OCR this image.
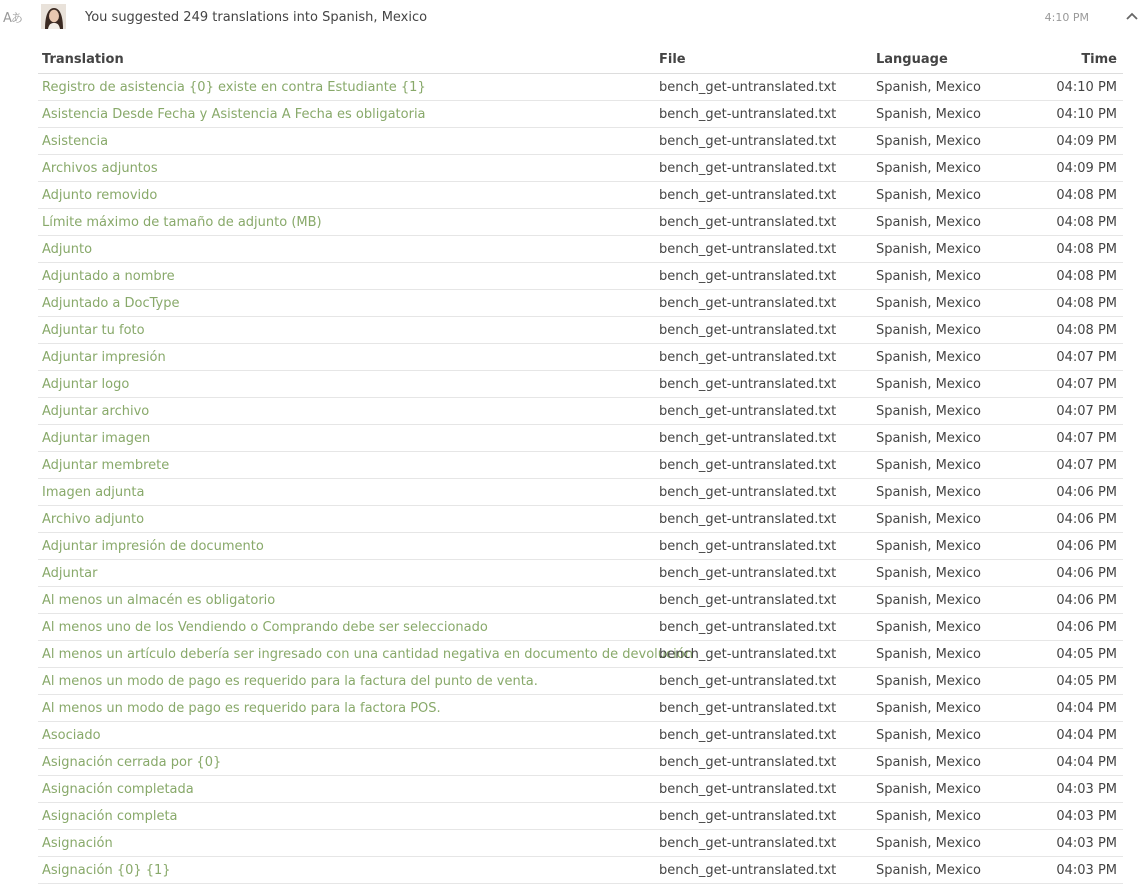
Aあ	You suggested 249 translations into Spanish, Mexico	4:10 PM
Translation	File	Language	Time
Registro de asistencia {0} existe en contra Estudiante {1}	bench_get-untranslated.txt	Spanish, Mexico	04:10 PM
Asistencia Desde Fecha y Asistencia A Fecha es obligatoria	bench_get-untranslated.txt	Spanish, Mexico	04:10 PM
Asistencia	bench_get-untranslated.txt	Spanish, Mexico	04:09 PM
Archivos adjuntos	bench_get-untranslated.txt	Spanish, Mexico	04:09 PM
Adjunto removido	bench_get-untranslated.txt	Spanish, Mexico	04:08 PM
Límite máximo de tamaño de adjunto (MB)	bench_get-untranslated.txt	Spanish, Mexico	04:08 PM
Adjunto	bench_get-untranslated.txt	Spanish, Mexico	04:08 PM
Adjuntado a nombre	bench_get-untranslated.txt	Spanish, Mexico	04:08 PM
Adjuntado a DocType	bench_get-untranslated.txt	Spanish, Mexico	04:08 PM
Adjuntar tu foto	bench_get-untranslated.txt	Spanish, Mexico	04:08 PM
Adjuntar impresión	bench_get-untranslated.txt	Spanish, Mexico	04:07 PM
Adjuntar logo	bench_get-untranslated.txt	Spanish, Mexico	04:07 PM
Adjuntar archivo	bench_get-untranslated.txt	Spanish, Mexico	04:07 PM
Adjuntar imagen	bench_get-untranslated.txt	Spanish, Mexico	04:07 PM
Adjuntar membrete	bench_get-untranslated.txt	Spanish, Mexico	04:07 PM
Imagen adjunta	bench_get-untranslated.txt	Spanish, Mexico	04:06 PM
Archivo adjunto	bench_get-untranslated.txt	Spanish, Mexico	04:06 PM
Adjuntar impresión de documento	bench_get-untranslated.txt	Spanish, Mexico	04:06 PM
Adjuntar	bench_get-untranslated.txt	Spanish, Mexico	04:06 PM
Al menos un almacén es obligatorio	bench_get-untranslated.txt	Spanish, Mexico	04:06 PM
Al menos uno de los Vendiendo o Comprando debe ser seleccionado	bench_get-untranslated.txt	Spanish, Mexico	04:06 PM
Al menos un artículo debería ser ingresado con una cantidad negativa en documento de devolución	bench_get-untranslated.txt	Spanish, Mexico	04:05 PM
Al menos un modo de pago es requerido para la factura del punto de venta.	bench_get-untranslated.txt	Spanish, Mexico	04:05 PM
Al menos un modo de pago es requerido para la factora POS.	bench_get-untranslated.txt	Spanish, Mexico	04:04 PM
Asociado	bench_get-untranslated.txt	Spanish, Mexico	04:04 PM
Asignación cerrada por {0}	bench_get-untranslated.txt	Spanish, Mexico	04:04 PM
Asignación completada	bench_get-untranslated.txt	Spanish, Mexico	04:03 PM
Asignación completa	bench_get-untranslated.txt	Spanish, Mexico	04:03 PM
Asignación	bench_get-untranslated.txt	Spanish, Mexico	04:03 PM
Asignación {0} {1}	bench_get-untranslated.txt	Spanish, Mexico	04:03 PM
